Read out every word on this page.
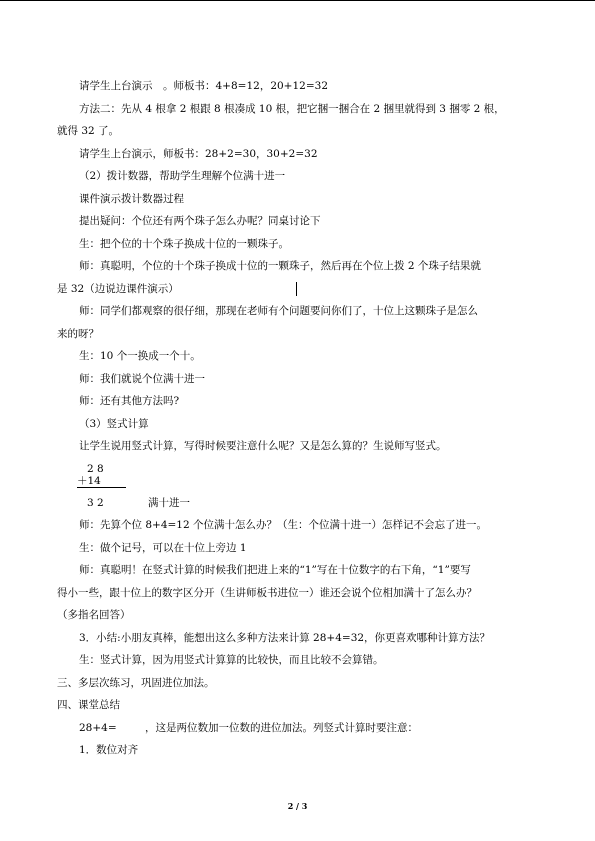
请学生上台演示　。师板书：4+8=12，20+12=32
方法二：先从 4 根拿 2 根跟 8 根凑成 10 根，把它捆一捆合在 2 捆里就得到 3 捆零 2 根，
就得 32 了。
请学生上台演示，师板书：28+2=30，30+2=32
（2）拨计数器，帮助学生理解个位满十进一
课件演示拨计数器过程
提出疑问：个位还有两个珠子怎么办呢？同桌讨论下
生：把个位的十个珠子换成十位的一颗珠子。
师：真聪明，个位的十个珠子换成十位的一颗珠子，然后再在个位上拨 2 个珠子结果就
是 32（边说边课件演示）
师：同学们都观察的很仔细，那现在老师有个问题要问你们了，十位上这颗珠子是怎么
来的呀？
生：10 个一换成一个十。
师：我们就说个位满十进一
师：还有其他方法吗?
（3）竖式计算
让学生说用竖式计算，写得时候要注意什么呢？又是怎么算的？生说师写竖式。
2 8
＋14
3 2	满十进一
师：先算个位 8+4=12 个位满十怎么办？（生：个位满十进一）怎样记不会忘了进一。
生：做个记号，可以在十位上旁边 1
师：真聪明！在竖式计算的时候我们把进上来的“1”写在十位数字的右下角，“1”要写
得小一些，跟十位上的数字区分开（生讲师板书进位一）谁还会说个位相加满十了怎么办？
（多指名回答）
3．小结:小朋友真棒，能想出这么多种方法来计算 28+4=32，你更喜欢哪种计算方法？
生：竖式计算，因为用竖式计算算的比较快，而且比较不会算错。
三、多层次练习，巩固进位加法。
四、课堂总结
28+4=	，这是两位数加一位数的进位加法。列竖式计算时要注意：
1．数位对齐
2 / 3
